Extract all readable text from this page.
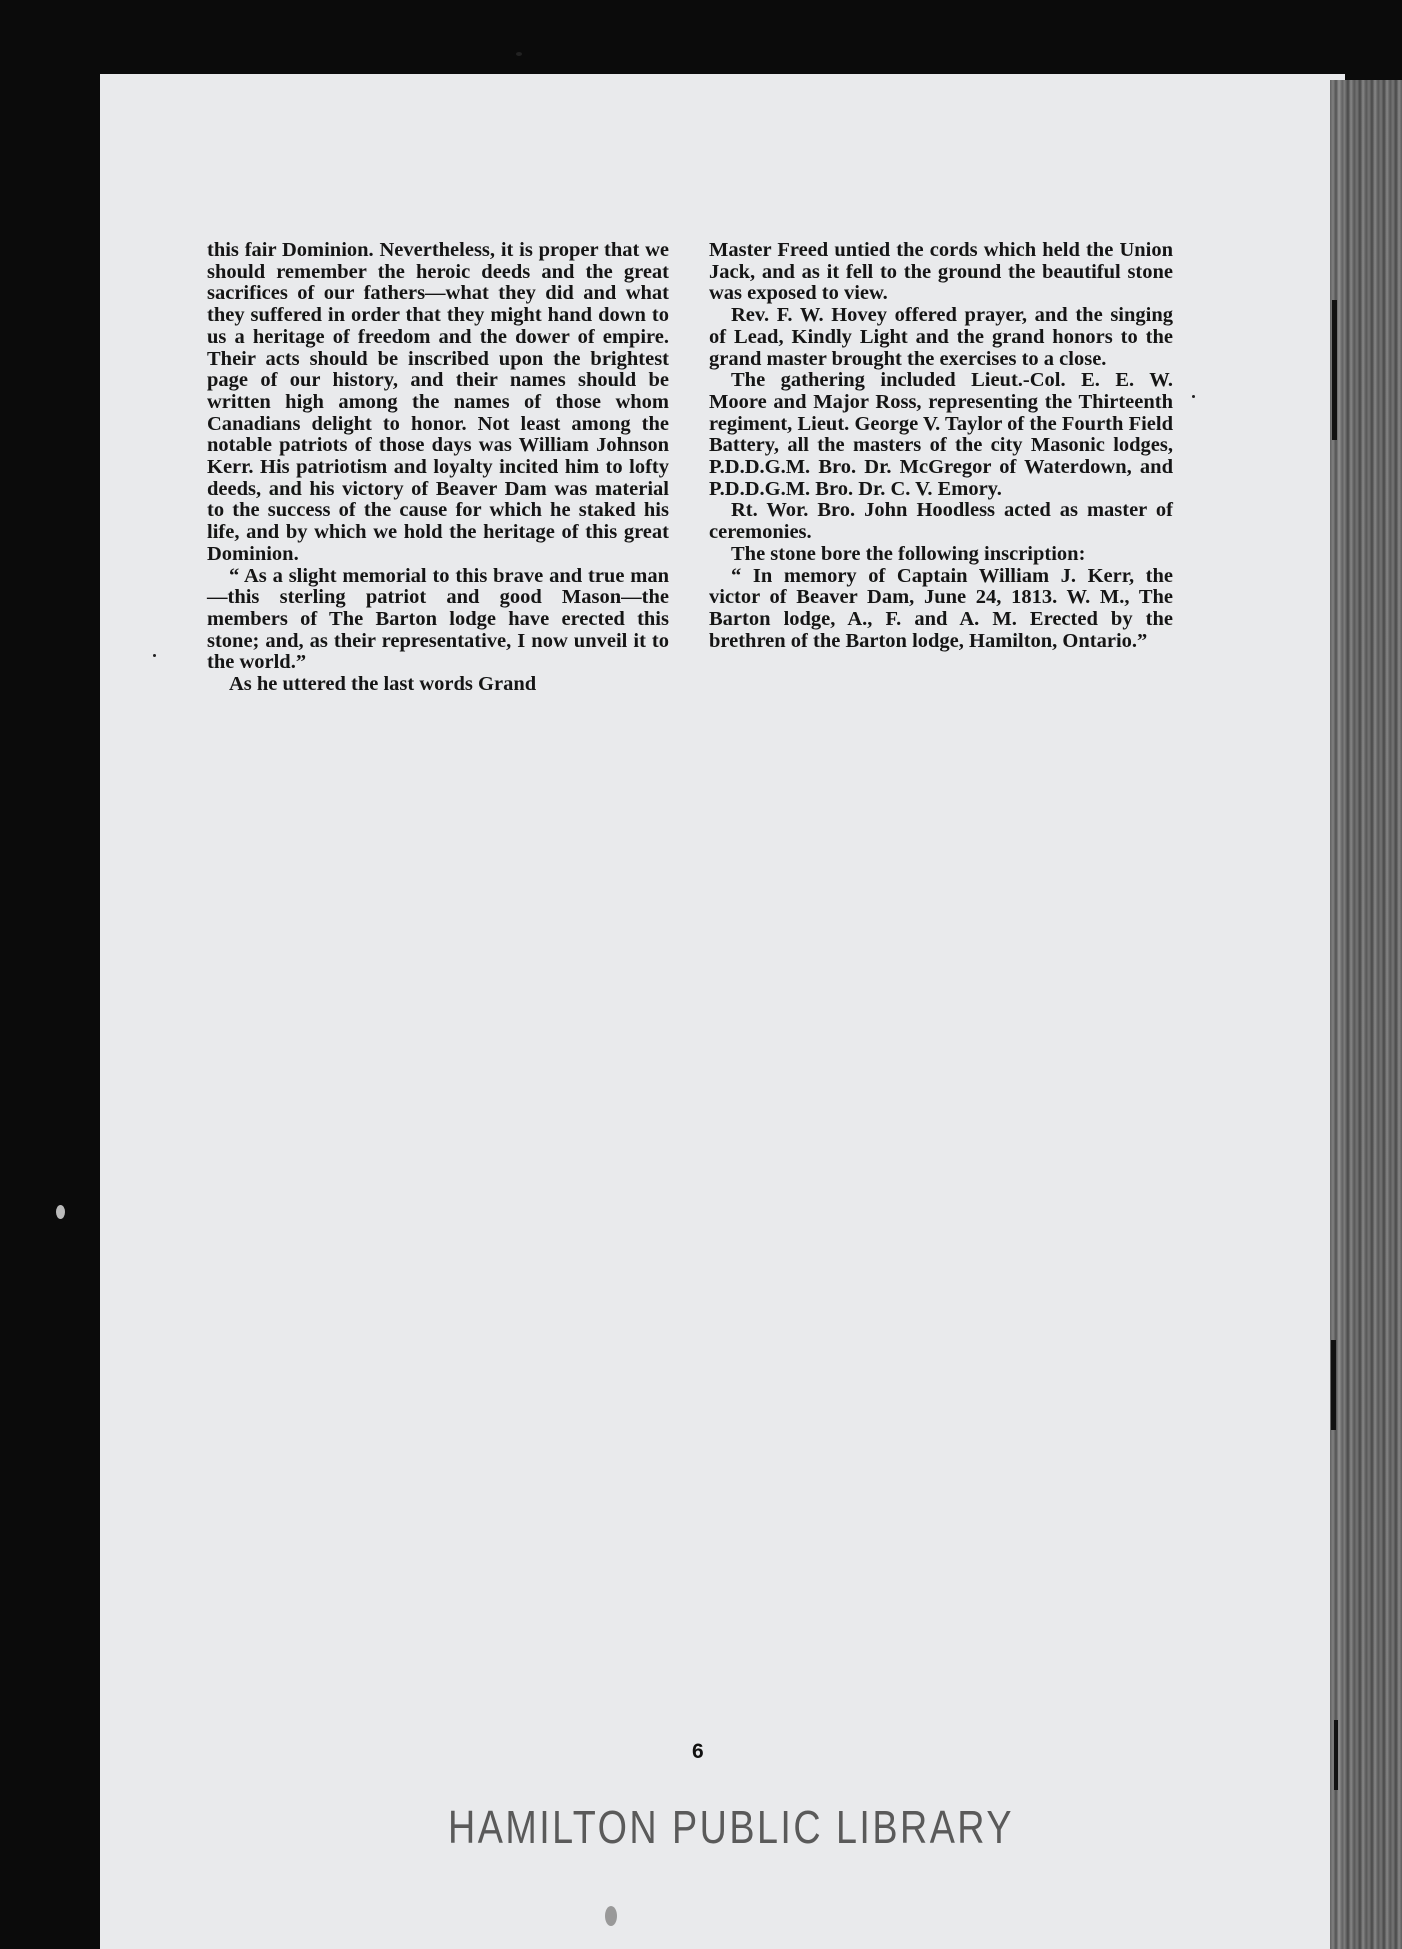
this fair Dominion. Nevertheless, it is proper that we should remember the heroic deeds and the great sacrifices of our fathers—what they did and what they suffered in order that they might hand down to us a heritage of freedom and the dower of empire. Their acts should be inscribed upon the brightest page of our history, and their names should be written high among the names of those whom Canadians delight to honor. Not least among the notable patriots of those days was William Johnson Kerr. His patriotism and loyalty incited him to lofty deeds, and his victory of Beaver Dam was material to the success of the cause for which he staked his life, and by which we hold the heritage of this great Dominion.

“ As a slight memorial to this brave and true man—this sterling patriot and good Mason—the members of The Barton lodge have erected this stone; and, as their representative, I now unveil it to the world.”

As he uttered the last words Grand

Master Freed untied the cords which held the Union Jack, and as it fell to the ground the beautiful stone was exposed to view.

Rev. F. W. Hovey offered prayer, and the singing of Lead, Kindly Light and the grand honors to the grand master brought the exercises to a close.

The gathering included Lieut.-Col. E. E. W. Moore and Major Ross, representing the Thirteenth regiment, Lieut. George V. Taylor of the Fourth Field Battery, all the masters of the city Masonic lodges, P.D.D.G.M. Bro. Dr. McGregor of Waterdown, and P.D.D.G.M. Bro. Dr. C. V. Emory.

Rt. Wor. Bro. John Hoodless acted as master of ceremonies.

The stone bore the following inscription:

“ In memory of Captain William J. Kerr, the victor of Beaver Dam, June 24, 1813. W. M., The Barton lodge, A., F. and A. M. Erected by the brethren of the Barton lodge, Hamilton, Ontario.”

6
HAMILTON PUBLIC LIBRARY
